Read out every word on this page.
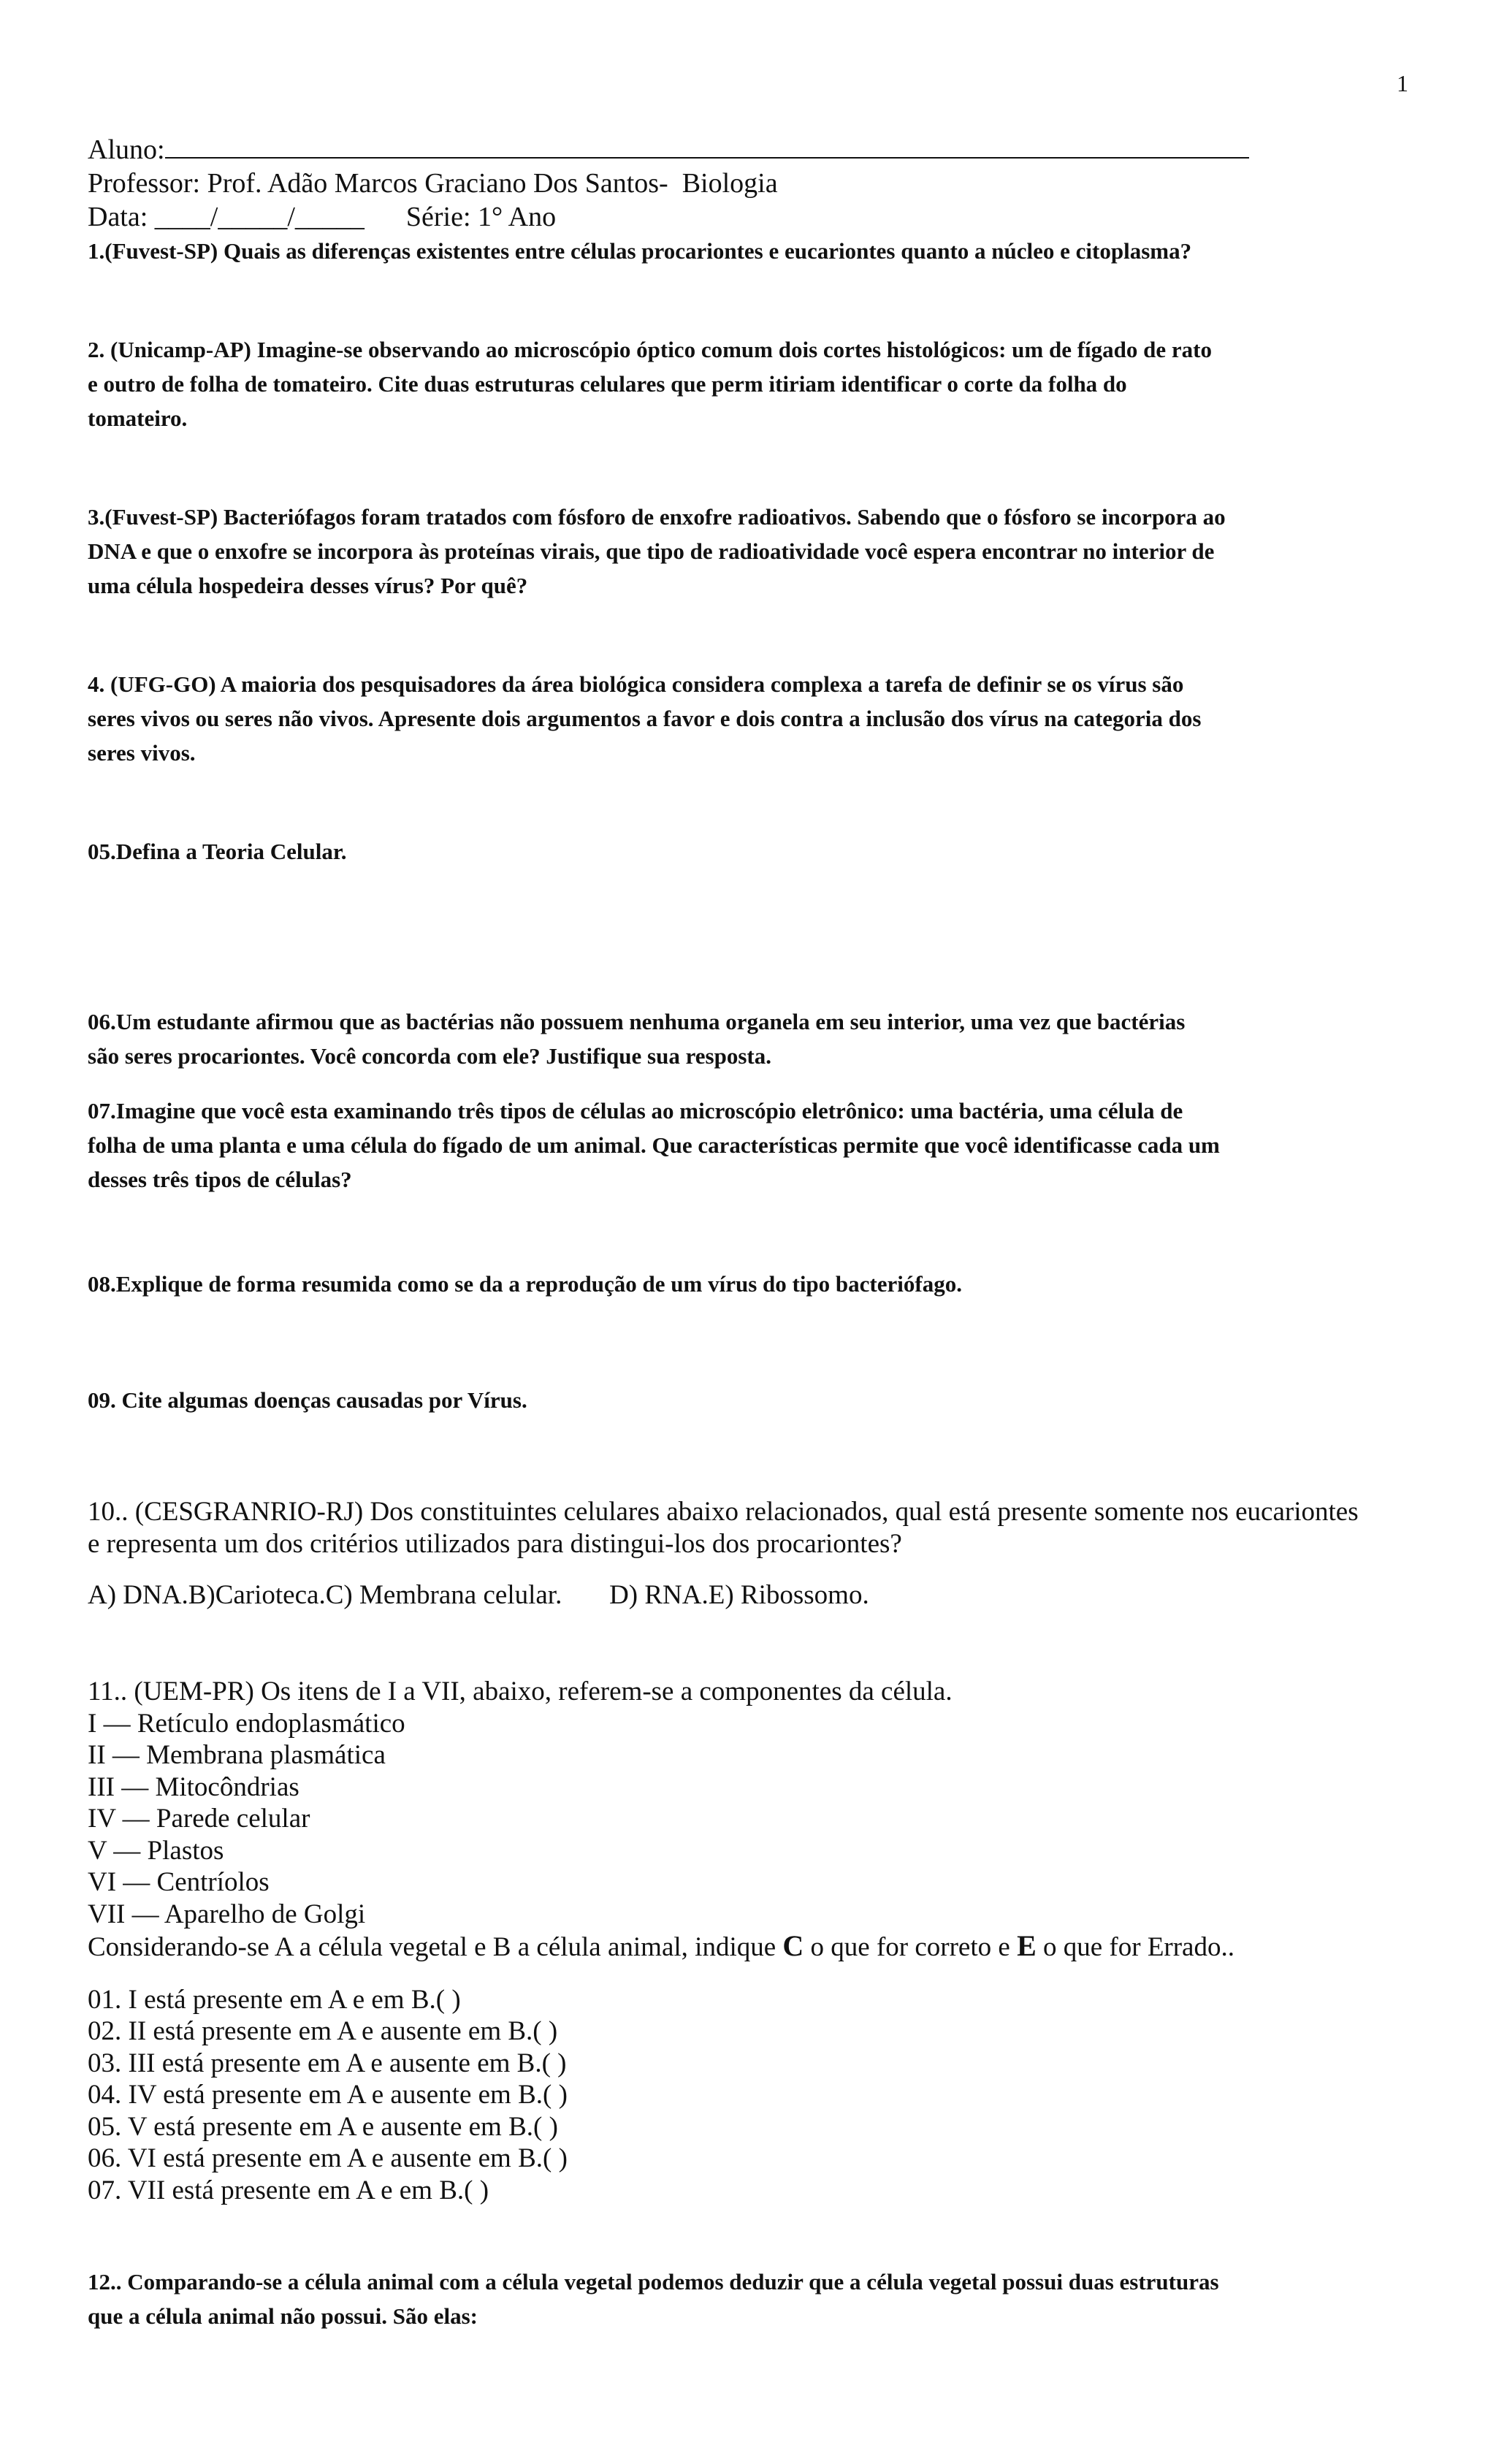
1
Aluno:
Professor: Prof. Adão Marcos Graciano Dos Santos-  Biologia
Data: ____/_____/_____ Série: 1° Ano
1.(Fuvest-SP) Quais as diferenças existentes entre células procariontes e eucariontes quanto a núcleo e citoplasma?
2. (Unicamp-AP) Imagine-se observando ao microscópio óptico comum dois cortes histológicos: um de fígado de rato
e outro de folha de tomateiro. Cite duas estruturas celulares que perm itiriam identificar o corte da folha do
tomateiro.
3.(Fuvest-SP) Bacteriófagos foram tratados com fósforo de enxofre radioativos. Sabendo que o fósforo se incorpora ao
DNA e que o enxofre se incorpora às proteínas virais, que tipo de radioatividade você espera encontrar no interior de
uma célula hospedeira desses vírus? Por quê?
4. (UFG-GO) A maioria dos pesquisadores da área biológica considera complexa a tarefa de definir se os vírus são
seres vivos ou seres não vivos. Apresente dois argumentos a favor e dois contra a inclusão dos vírus na categoria dos
seres vivos.
05.Defina a Teoria Celular.
06.Um estudante afirmou que as bactérias não possuem nenhuma organela em seu interior, uma vez que bactérias
são seres procariontes. Você concorda com ele? Justifique sua resposta.
07.Imagine que você esta examinando três tipos de células ao microscópio eletrônico: uma bactéria, uma célula de
folha de uma planta e uma célula do fígado de um animal. Que características permite que você identificasse cada um
desses três tipos de células?
08.Explique de forma resumida como se da a reprodução de um vírus do tipo bacteriófago.
09. Cite algumas doenças causadas por Vírus.
10.. (CESGRANRIO-RJ) Dos constituintes celulares abaixo relacionados, qual está presente somente nos eucariontes
e representa um dos critérios utilizados para distingui-los dos procariontes?
A) DNA.B)Carioteca.C) Membrana celular.       D) RNA.E) Ribossomo.
11.. (UEM-PR) Os itens de I a VII, abaixo, referem-se a componentes da célula.
I — Retículo endoplasmático
II — Membrana plasmática
III — Mitocôndrias
IV — Parede celular
V — Plastos
VI — Centríolos
VII — Aparelho de Golgi
Considerando-se A a célula vegetal e B a célula animal, indique C o que for correto e E o que for Errado..
01. I está presente em A e em B.( )
02. II está presente em A e ausente em B.( )
03. III está presente em A e ausente em B.( )
04. IV está presente em A e ausente em B.( )
05. V está presente em A e ausente em B.( )
06. VI está presente em A e ausente em B.( )
07. VII está presente em A e em B.( )
12.. Comparando-se a célula animal com a célula vegetal podemos deduzir que a célula vegetal possui duas estruturas
que a célula animal não possui. São elas:
